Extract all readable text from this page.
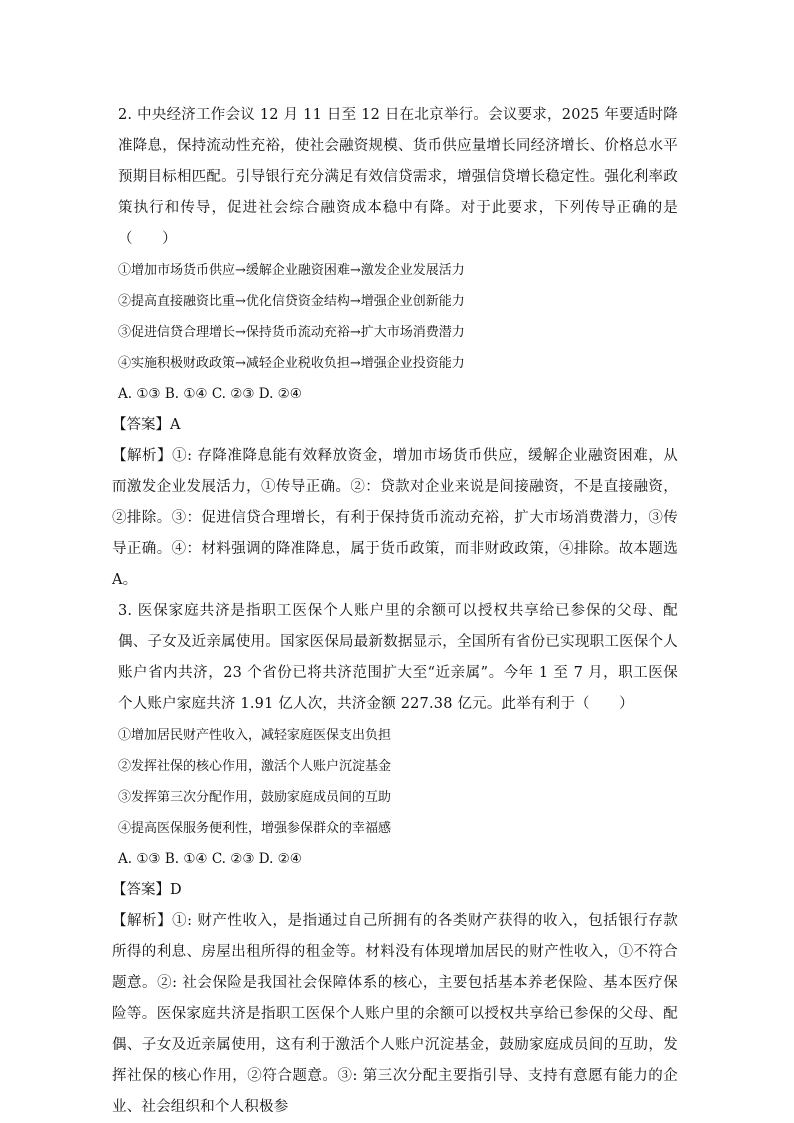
2. 中央经济工作会议 12 月 11 日至 12 日在北京举行。会议要求，2025 年要适时降准降息，保持流动性充裕，使社会融资规模、货币供应量增长同经济增长、价格总水平预期目标相匹配。引导银行充分满足有效信贷需求，增强信贷增长稳定性。强化利率政策执行和传导，促进社会综合融资成本稳中有降。对于此要求，下列传导正确的是（　　）

①增加市场货币供应→缓解企业融资困难→激发企业发展活力

②提高直接融资比重→优化信贷资金结构→增强企业创新能力

③促进信贷合理增长→保持货币流动充裕→扩大市场消费潜力

④实施积极财政政策→减轻企业税收负担→增强企业投资能力

A. ①③ B. ①④ C. ②③ D. ②④

【答案】A

【解析】①: 存降准降息能有效释放资金，增加市场货币供应，缓解企业融资困难，从而激发企业发展活力，①传导正确。②：贷款对企业来说是间接融资，不是直接融资，②排除。③：促进信贷合理增长，有利于保持货币流动充裕，扩大市场消费潜力，③传导正确。④：材料强调的降准降息，属于货币政策，而非财政政策，④排除。故本题选 A。

3. 医保家庭共济是指职工医保个人账户里的余额可以授权共享给已参保的父母、配偶、子女及近亲属使用。国家医保局最新数据显示，全国所有省份已实现职工医保个人账户省内共济，23 个省份已将共济范围扩大至“近亲属”。今年 1 至 7 月，职工医保个人账户家庭共济 1.91 亿人次，共济金额 227.38 亿元。此举有利于（　　）

①增加居民财产性收入，减轻家庭医保支出负担

②发挥社保的核心作用，激活个人账户沉淀基金

③发挥第三次分配作用，鼓励家庭成员间的互助

④提高医保服务便利性，增强参保群众的幸福感

A. ①③ B. ①④ C. ②③ D. ②④

【答案】D

【解析】①: 财产性收入，是指通过自己所拥有的各类财产获得的收入，包括银行存款所得的利息、房屋出租所得的租金等。材料没有体现增加居民的财产性收入，①不符合题意。②: 社会保险是我国社会保障体系的核心，主要包括基本养老保险、基本医疗保险等。医保家庭共济是指职工医保个人账户里的余额可以授权共享给已参保的父母、配偶、子女及近亲属使用，这有利于激活个人账户沉淀基金，鼓励家庭成员间的互助，发挥社保的核心作用，②符合题意。③: 第三次分配主要指引导、支持有意愿有能力的企业、社会组织和个人积极参
